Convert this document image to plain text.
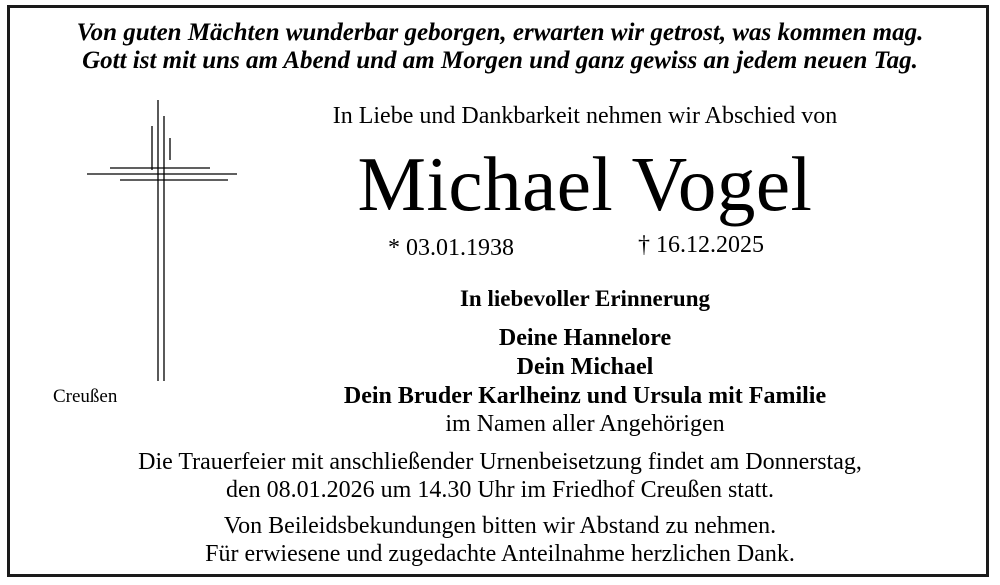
Von guten Mächten wunderbar geborgen, erwarten wir getrost, was kommen mag.
Gott ist mit uns am Abend und am Morgen und ganz gewiss an jedem neuen Tag.
In Liebe und Dankbarkeit nehmen wir Abschied von
Michael Vogel
* 03.01.1938	† 16.12.2025
In liebevoller Erinnerung
Deine Hannelore
Dein Michael
Dein Bruder Karlheinz und Ursula mit Familie
im Namen aller Angehörigen
Creußen
Die Trauerfeier mit anschließender Urnenbeisetzung findet am Donnerstag,
den 08.01.2026 um 14.30 Uhr im Friedhof Creußen statt.
Von Beileidsbekundungen bitten wir Abstand zu nehmen.
Für erwiesene und zugedachte Anteilnahme herzlichen Dank.
